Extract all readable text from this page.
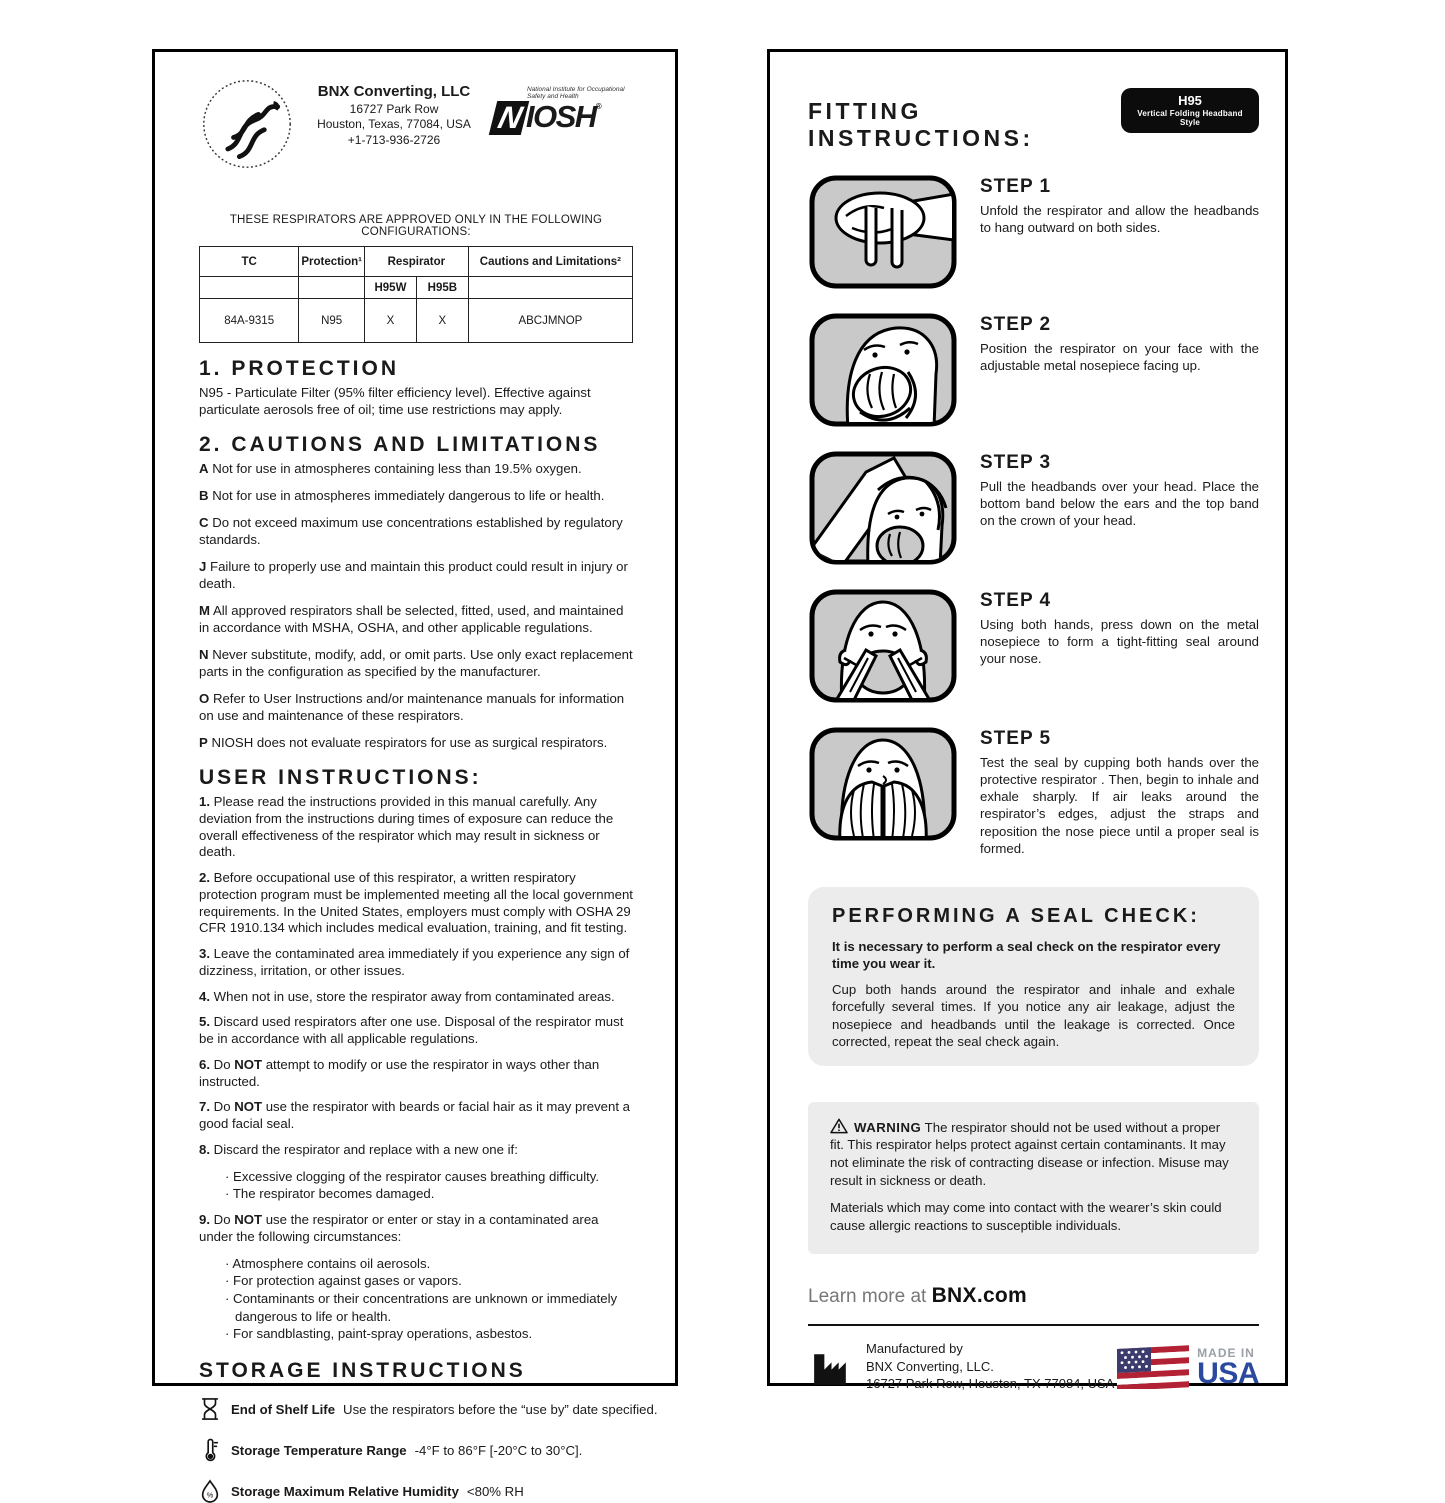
BNX Converting, LLC
16727 Park Row
Houston, Texas, 77084, USA
+1-713-936-2726
National Institute for Occupational Safety and Health
N IOSH ®
THESE RESPIRATORS ARE APPROVED ONLY IN THE FOLLOWING CONFIGURATIONS:
TC	Protection¹	Respirator		Cautions and Limitations²
		H95W	H95B	
84A-9315	N95	X	X	ABCJMNOP
1. PROTECTION

N95 - Particulate Filter (95% filter efficiency level). Effective against particulate aerosols free of oil; time use restrictions may apply.

2. CAUTIONS AND LIMITATIONS

A Not for use in atmospheres containing less than 19.5% oxygen.

B Not for use in atmospheres immediately dangerous to life or health.

C Do not exceed maximum use concentrations established by regulatory standards.

J Failure to properly use and maintain this product could result in injury or death.

M All approved respirators shall be selected, fitted, used, and maintained in accordance with MSHA, OSHA, and other applicable regulations.

N Never substitute, modify, add, or omit parts. Use only exact replacement parts in the configuration as specified by the manufacturer.

O Refer to User Instructions and/or maintenance manuals for information on use and maintenance of these respirators.

P NIOSH does not evaluate respirators for use as surgical respirators.

USER INSTRUCTIONS:

1. Please read the instructions provided in this manual carefully. Any deviation from the instructions during times of exposure can reduce the overall effectiveness of the respirator which may result in sickness or death.

2. Before occupational use of this respirator, a written respiratory protection program must be implemented meeting all the local government requirements. In the United States, employers must comply with OSHA 29 CFR 1910.134 which includes medical evaluation, training, and fit testing.

3. Leave the contaminated area immediately if you experience any sign of dizziness, irritation, or other issues.

4. When not in use, store the respirator away from contaminated areas.

5. Discard used respirators after one use. Disposal of the respirator must be in accordance with all applicable regulations.

6. Do NOT attempt to modify or use the respirator in ways other than instructed.

7. Do NOT use the respirator with beards or facial hair as it may prevent a good facial seal.

8. Discard the respirator and replace with a new one if:

· Excessive clogging of the respirator causes breathing difficulty.
· The respirator becomes damaged.

9. Do NOT use the respirator or enter or stay in a contaminated area under the following circumstances:

· Atmosphere contains oil aerosols.
· For protection against gases or vapors.
· Contaminants or their concentrations are unknown or immediately dangerous to life or health.
· For sandblasting, paint-spray operations, asbestos.
STORAGE INSTRUCTIONS
End of Shelf Life Use the respirators before the “use by” date specified.
Storage Temperature Range -4°F to 86°F [-20°C to 30°C].
% Storage Maximum Relative Humidity <80% RH
FITTING INSTRUCTIONS:
H95
Vertical Folding Headband Style
STEP 1
Unfold the respirator and allow the headbands to hang outward on both sides.
STEP 2
Position the respirator on your face with the adjustable metal nosepiece facing up.
STEP 3
Pull the headbands over your head. Place the bottom band below the ears and the top band on the crown of your head.
STEP 4
Using both hands, press down on the metal nosepiece to form a tight-fitting seal around your nose.
STEP 5
Test the seal by cupping both hands over the protective respirator . Then, begin to inhale and exhale sharply. If air leaks around the respirator’s edges, adjust the straps and reposition the nose piece until a proper seal is formed.
PERFORMING A SEAL CHECK:
It is necessary to perform a seal check on the respirator every time you wear it.
Cup both hands around the respirator and inhale and exhale forcefully several times. If you notice any air leakage, adjust the nosepiece and headbands until the leakage is corrected. Once corrected, repeat the seal check again.

WARNING The respirator should not be used without a proper fit. This respirator helps protect against certain contaminants. It may not eliminate the risk of contracting disease or infection. Misuse may result in sickness or death.

Materials which may come into contact with the wearer’s skin could cause allergic reactions to susceptible individuals.

Learn more at BNX.com
Manufactured by
BNX Converting, LLC.
16727 Park Row, Houston, TX 77084, USA
MADE IN
USA
